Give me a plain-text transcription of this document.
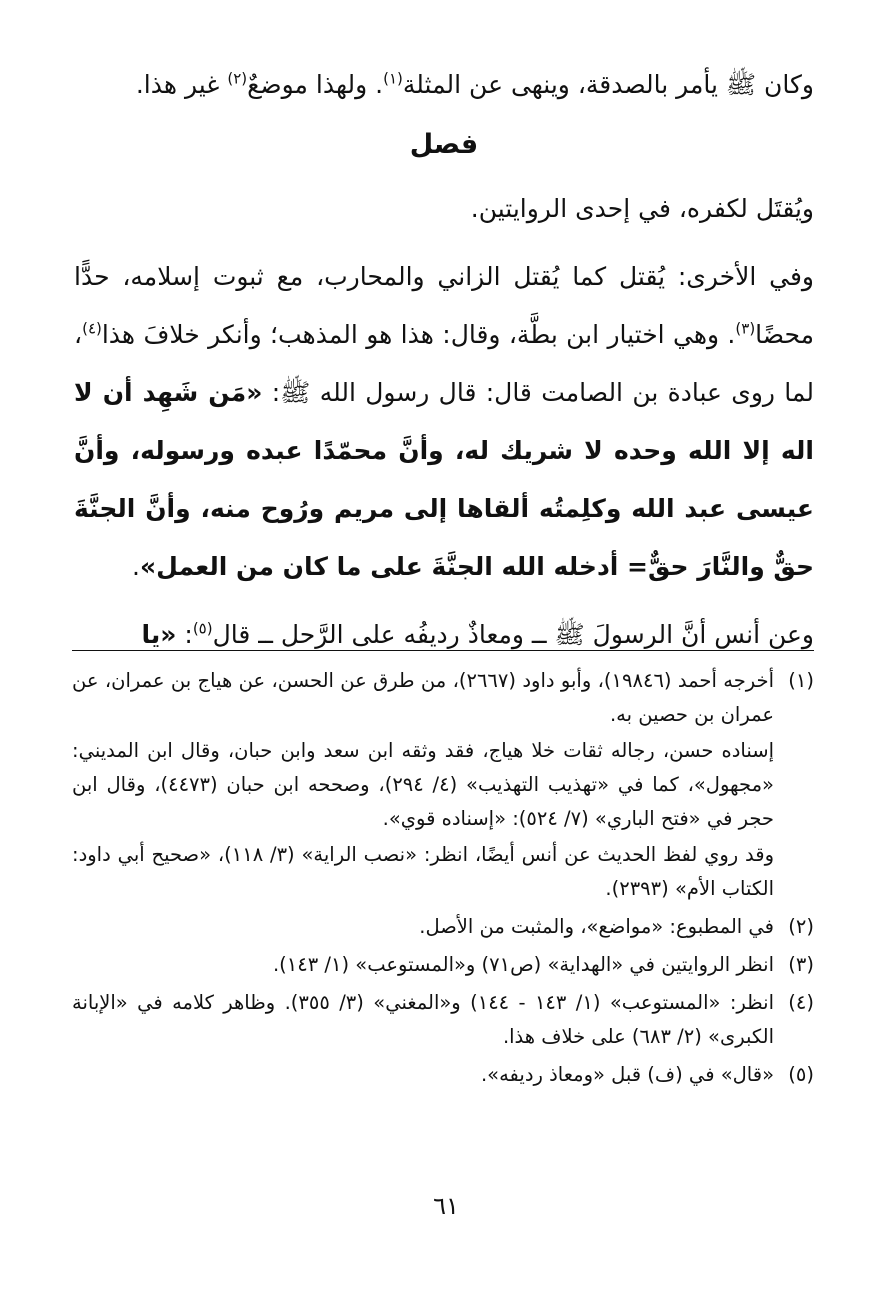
وكان ﷺ يأمر بالصدقة، وينهى عن المثلة$^{(١)}$. ولهذا موضعٌ$^{(٢)}$ غير هذا.

فصل

ويُقتَل لكفره، في إحدى الروايتين.

وفي الأخرى: يُقتل كما يُقتل الزاني والمحارب، مع ثبوت إسلامه، حدًّا محضًا$^{(٣)}$. وهي اختيار ابن بطَّة، وقال: هذا هو المذهب؛ وأنكر خلافَ هذا$^{(٤)}$، لما روى عبادة بن الصامت قال: قال رسول الله ﷺ: «مَن شَهِد أن لا اله إلا الله وحده لا شريك له، وأنَّ محمّدًا عبده ورسوله، وأنَّ عيسى عبد الله وكلِمتُه ألقاها إلى مريم ورُوح منه، وأنَّ الجنَّةَ حقٌّ والنَّارَ حقٌّ= أدخله الله الجنَّةَ على ما كان من العمل».

وعن أنس أنَّ الرسولَ ﷺ ــ ومعاذٌ رديفُه على الرَّحل ــ قال$^{(٥)}$: «يا

(١)

أخرجه أحمد (١٩٨٤٦)، وأبو داود (٢٦٦٧)، من طرق عن الحسن، عن هياج بن عمران، عن عمران بن حصين به.

إسناده حسن، رجاله ثقات خلا هياج، فقد وثقه ابن سعد وابن حبان، وقال ابن المديني: «مجهول»، كما في «تهذيب التهذيب» (٤/ ٢٩٤)، وصححه ابن حبان (٤٤٧٣)، وقال ابن حجر في «فتح الباري» (٧/ ٥٢٤): «إسناده قوي».

وقد روي لفظ الحديث عن أنس أيضًا، انظر: «نصب الراية» (٣/ ١١٨)، «صحيح أبي داود: الكتاب الأم» (٢٣٩٣).

(٢)

في المطبوع: «مواضع»، والمثبت من الأصل.

(٣)

انظر الروايتين في «الهداية» (ص٧١) و«المستوعب» (١/ ١٤٣).

(٤)

انظر: «المستوعب» (١/ ١٤٣ - ١٤٤) و«المغني» (٣/ ٣٥٥). وظاهر كلامه في «الإبانة الكبرى» (٢/ ٦٨٣) على خلاف هذا.

(٥)

«قال» في (ف) قبل «ومعاذ رديفه».

٦١
